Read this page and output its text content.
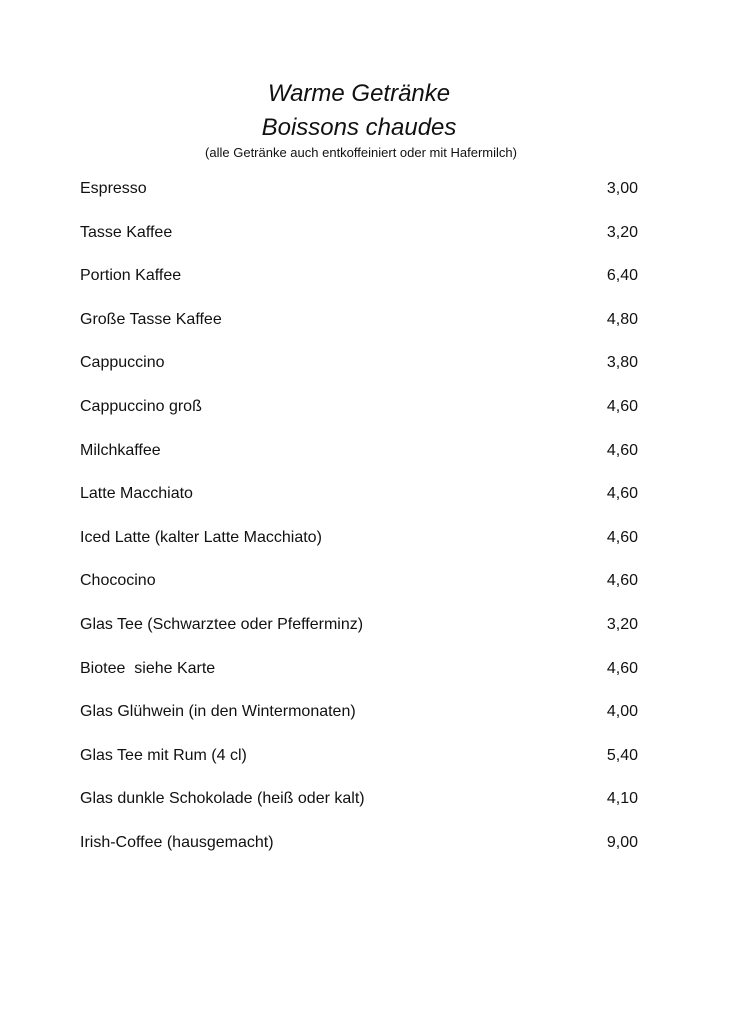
Warme Getränke
Boissons chaudes
(alle Getränke auch entkoffeiniert oder mit Hafermilch)
Espresso	3,00
Tasse Kaffee	3,20
Portion Kaffee	6,40
Große Tasse Kaffee	4,80
Cappuccino	3,80
Cappuccino groß	4,60
Milchkaffee	4,60
Latte Macchiato	4,60
Iced Latte (kalter Latte Macchiato)	4,60
Chococino	4,60
Glas Tee (Schwarztee oder Pfefferminz)	3,20
Biotee  siehe Karte	4,60
Glas Glühwein (in den Wintermonaten)	4,00
Glas Tee mit Rum (4 cl)	5,40
Glas dunkle Schokolade (heiß oder kalt)	4,10
Irish-Coffee (hausgemacht)	9,00
